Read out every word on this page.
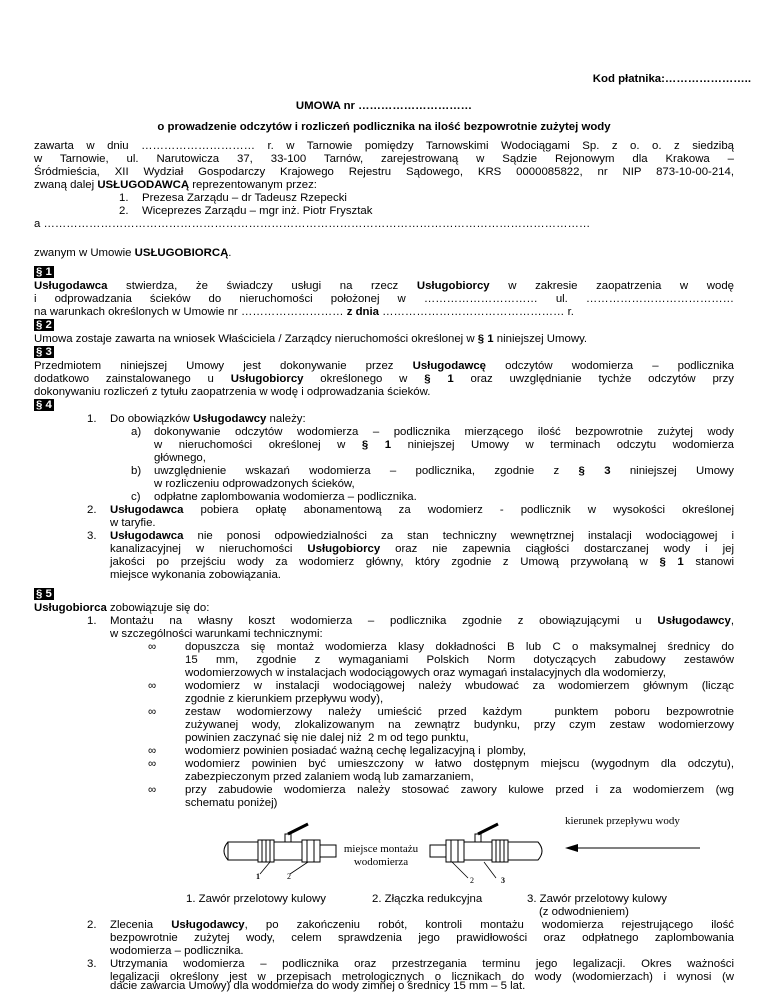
Kod płatnika:…………………..
UMOWA nr …………………………
o prowadzenie odczytów i rozliczeń podlicznika na ilość bezpowrotnie zużytej wody
zawarta w dniu ………………………… r. w Tarnowie pomiędzy Tarnowskimi Wodociągami Sp. z o. o. z siedzibą
w Tarnowie, ul. Narutowicza 37, 33-100 Tarnów, zarejestrowaną w Sądzie Rejonowym dla Krakowa –
Śródmieścia, XII Wydział Gospodarczy Krajowego Rejestru Sądowego, KRS 0000085822, nr NIP 873-10-00-214,
zwaną dalej USŁUGODAWCĄ reprezentowanym przez:
1. Prezesa Zarządu – dr Tadeusz Rzepecki
2. Wiceprezes Zarządu – mgr inż. Piotr Frysztak
a ………………………………………………………………………………………………………………………………
zwanym w Umowie USŁUGOBIORCĄ.
§ 1
Usługodawca stwierdza, że świadczy usługi na rzecz Usługobiorcy w zakresie zaopatrzenia w wodę
i odprowadzania ścieków do nieruchomości położonej w ………………………… ul. …………………………………
na warunkach określonych w Umowie nr ……………………… z dnia ………………………………………… r.
§ 2
Umowa zostaje zawarta na wniosek Właściciela / Zarządcy nieruchomości określonej w § 1 niniejszej Umowy.
§ 3
Przedmiotem niniejszej Umowy jest dokonywanie przez Usługodawcę odczytów wodomierza – podlicznika
dodatkowo zainstalowanego u Usługobiorcy określonego w § 1 oraz uwzględnianie tychże odczytów przy
dokonywaniu rozliczeń z tytułu zaopatrzenia w wodę i odprowadzania ścieków.
§ 4
1. Do obowiązków Usługodawcy należy:
a) dokonywanie odczytów wodomierza – podlicznika mierzącego ilość bezpowrotnie zużytej wody
w nieruchomości określonej w § 1 niniejszej Umowy w terminach odczytu wodomierza
głównego,
b) uwzględnienie wskazań wodomierza – podlicznika, zgodnie z § 3 niniejszej Umowy
w rozliczeniu odprowadzonych ścieków,
c) odpłatne zaplombowania wodomierza – podlicznika.
2. Usługodawca pobiera opłatę abonamentową za wodomierz - podlicznik w wysokości określonej
w taryfie.
3. Usługodawca nie ponosi odpowiedzialności za stan techniczny wewnętrznej instalacji wodociągowej i
kanalizacyjnej w nieruchomości Usługobiorcy oraz nie zapewnia ciągłości dostarczanej wody i jej
jakości po przejściu wody za wodomierz główny, który zgodnie z Umową przywołaną w § 1 stanowi
miejsce wykonania zobowiązania.
§ 5
Usługobiorca zobowiązuje się do:
1. Montażu na własny koszt wodomierza – podlicznika zgodnie z obowiązującymi u Usługodawcy,
w szczególności warunkami technicznymi:
∞	dopuszcza się montaż wodomierza klasy dokładności B lub C o maksymalnej średnicy do
15 mm, zgodnie z wymaganiami Polskich Norm dotyczących zabudowy zestawów
wodomierzowych w instalacjach wodociągowych oraz wymagań instalacyjnych dla wodomierzy,
∞	wodomierz w instalacji wodociągowej należy wbudować za wodomierzem głównym (licząc
zgodnie z kierunkiem przepływu wody),
∞	zestaw wodomierzowy należy umieścić przed każdym  punktem poboru bezpowrotnie
zużywanej wody, zlokalizowanym na zewnątrz budynku, przy czym zestaw wodomierzowy
powinien zaczynać się nie dalej niż  2 m od tego punktu,
∞	wodomierz powinien posiadać ważną cechę legalizacyjną i  plomby,
∞	wodomierz powinien być umieszczony w łatwo dostępnym miejscu (wygodnym dla odczytu),
zabezpieczonym przed zalaniem wodą lub zamarzaniem,
∞	przy zabudowie wodomierza należy stosować zawory kulowe przed i za wodomierzem (wg
schematu poniżej)
kierunek przepływu wody
miejsce montażu
wodomierza
1	2	2	3
1. Zawór przelotowy kulowy	2. Złączka redukcyjna	3. Zawór przelotowy kulowy
(z odwodnieniem)
2. Zlecenia Usługodawcy, po zakończeniu robót, kontroli montażu wodomierza rejestrującego ilość
bezpowrotnie zużytej wody, celem sprawdzenia jego prawidłowości oraz odpłatnego zaplombowania
wodomierza – podlicznika.
3. Utrzymania wodomierza – podlicznika oraz przestrzegania terminu jego legalizacji. Okres ważności
legalizacji określony jest w przepisach metrologicznych o licznikach do wody (wodomierzach) i wynosi (w
dacie zawarcia Umowy) dla wodomierza do wody zimnej o średnicy 15 mm – 5 lat.
